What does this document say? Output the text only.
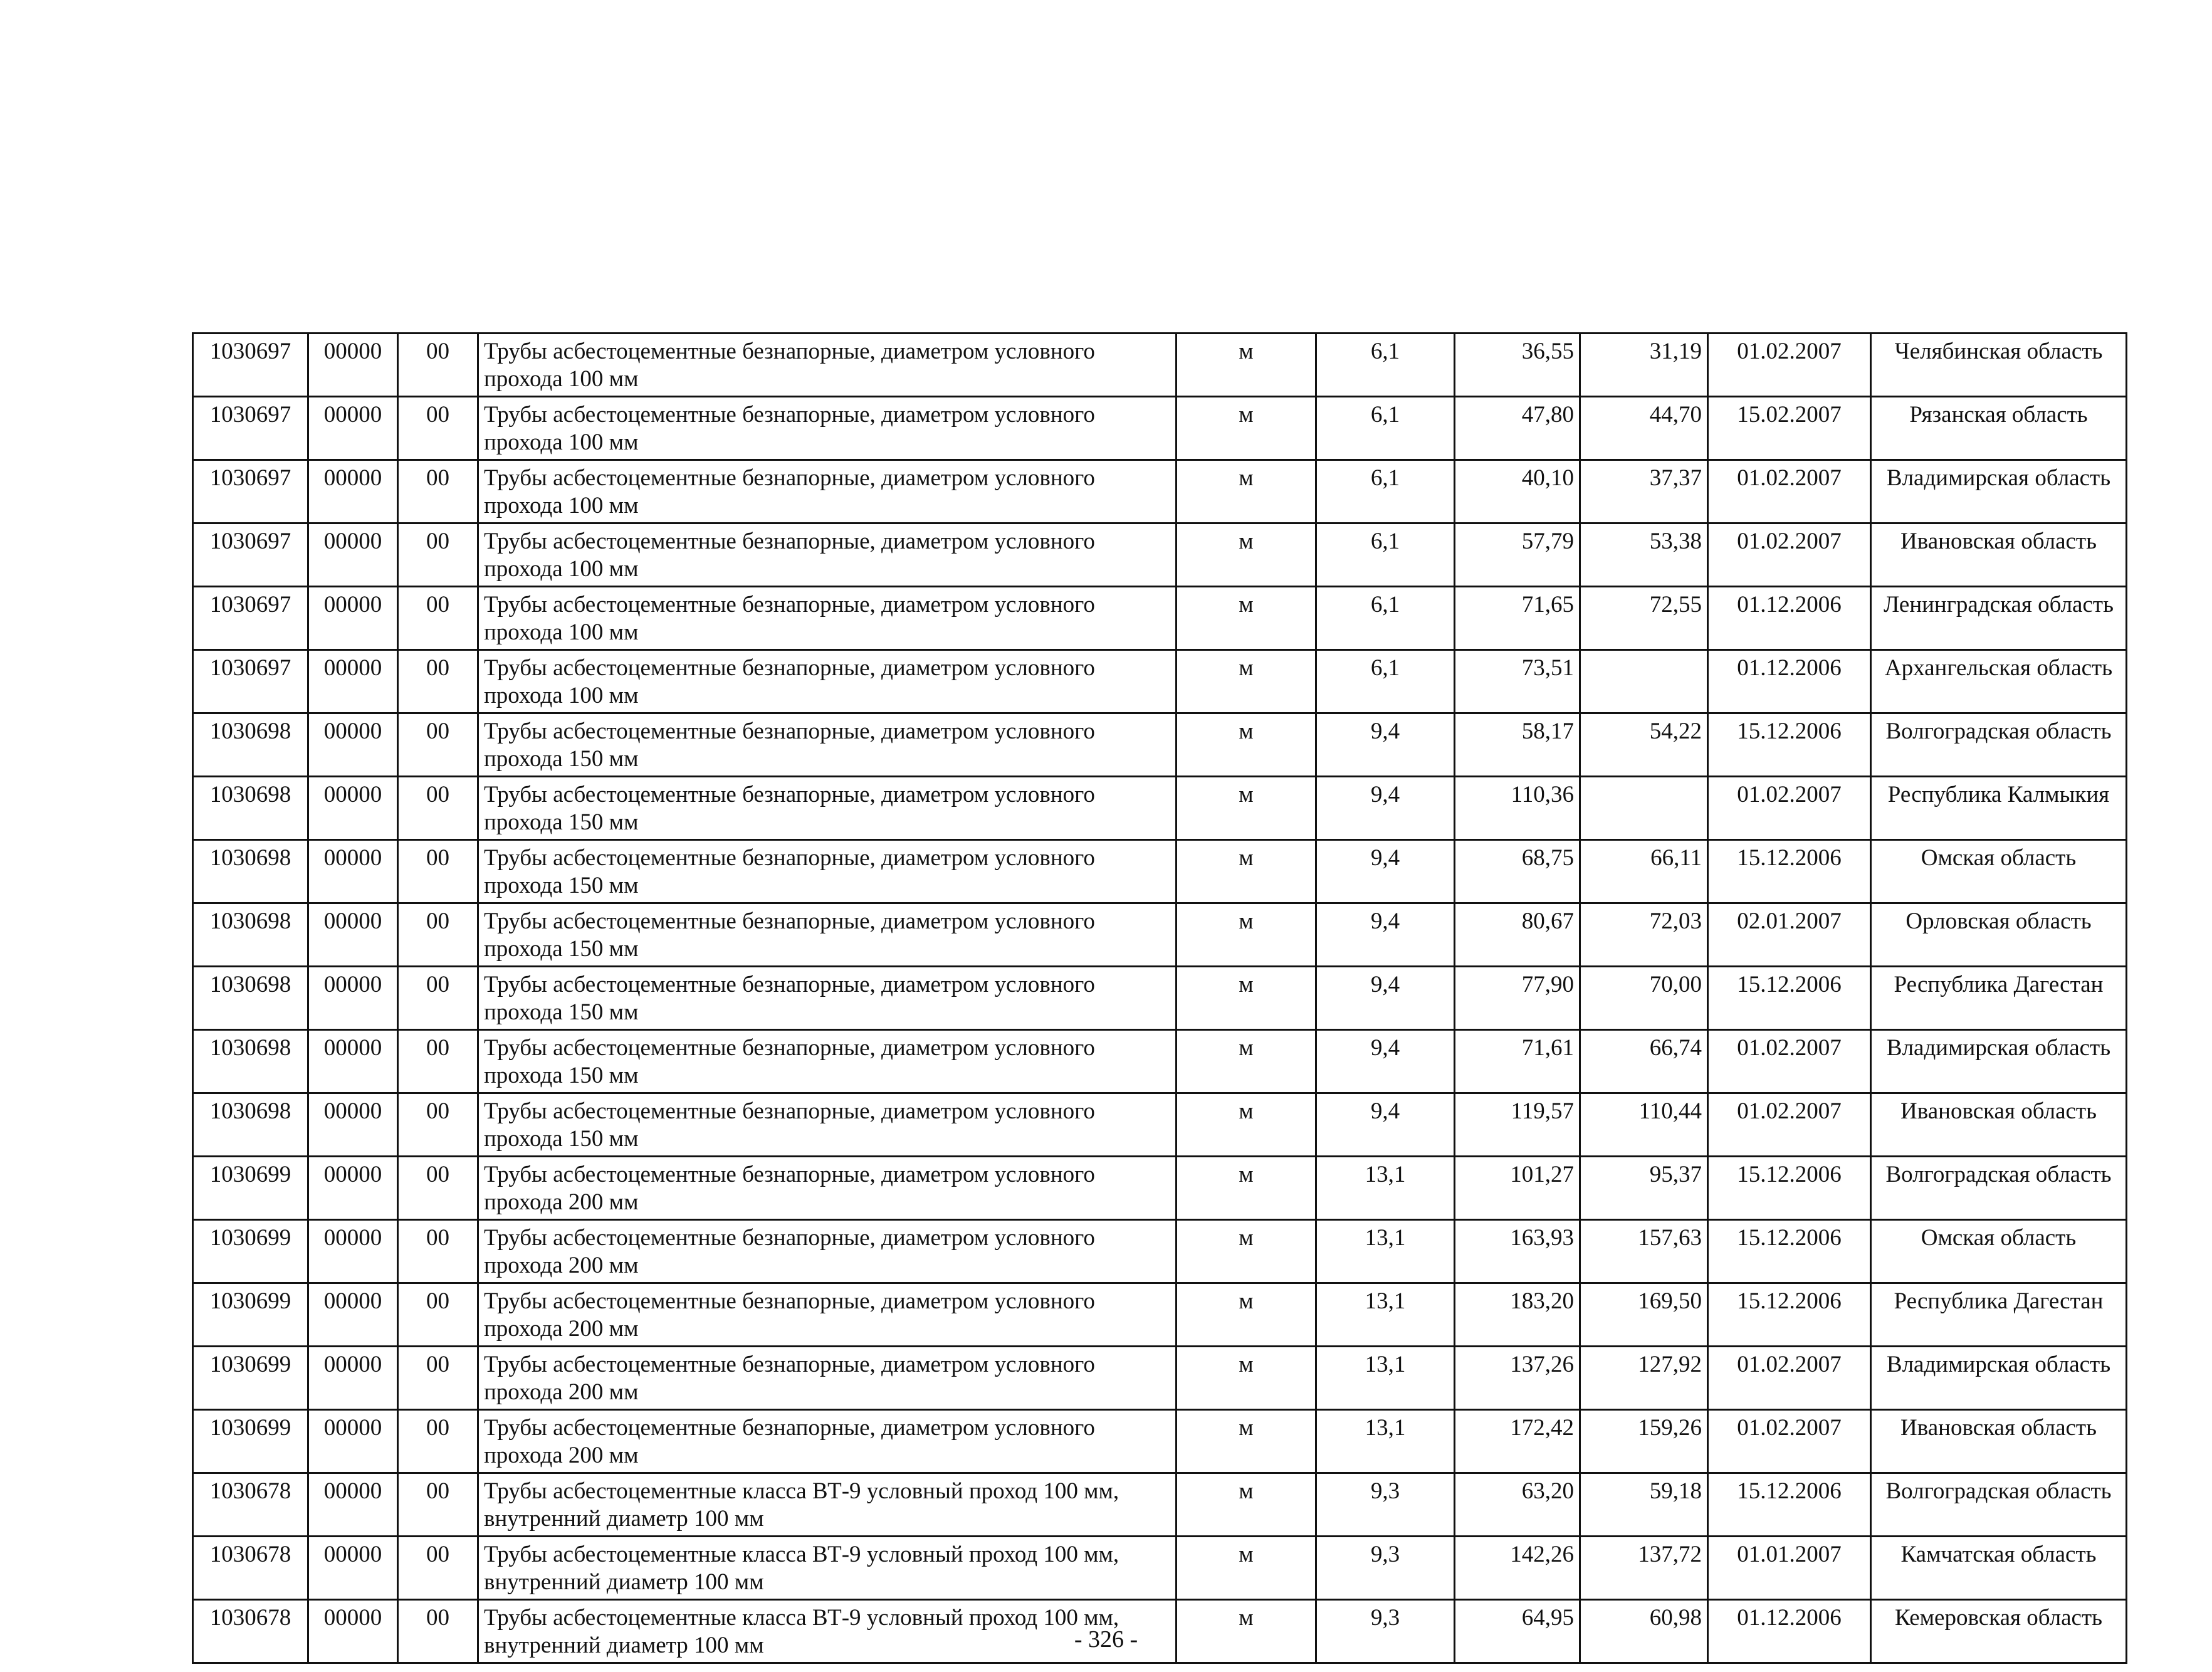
1030697	00000	00	Трубы асбестоцементные безнапорные, диаметром условного прохода 100 мм	м	6,1	36,55	31,19	01.02.2007	Челябинская область
1030697	00000	00	Трубы асбестоцементные безнапорные, диаметром условного прохода 100 мм	м	6,1	47,80	44,70	15.02.2007	Рязанская область
1030697	00000	00	Трубы асбестоцементные безнапорные, диаметром условного прохода 100 мм	м	6,1	40,10	37,37	01.02.2007	Владимирская область
1030697	00000	00	Трубы асбестоцементные безнапорные, диаметром условного прохода 100 мм	м	6,1	57,79	53,38	01.02.2007	Ивановская область
1030697	00000	00	Трубы асбестоцементные безнапорные, диаметром условного прохода 100 мм	м	6,1	71,65	72,55	01.12.2006	Ленинградская область
1030697	00000	00	Трубы асбестоцементные безнапорные, диаметром условного прохода 100 мм	м	6,1	73,51		01.12.2006	Архангельская область
1030698	00000	00	Трубы асбестоцементные безнапорные, диаметром условного прохода 150 мм	м	9,4	58,17	54,22	15.12.2006	Волгоградская область
1030698	00000	00	Трубы асбестоцементные безнапорные, диаметром условного прохода 150 мм	м	9,4	110,36		01.02.2007	Республика Калмыкия
1030698	00000	00	Трубы асбестоцементные безнапорные, диаметром условного прохода 150 мм	м	9,4	68,75	66,11	15.12.2006	Омская область
1030698	00000	00	Трубы асбестоцементные безнапорные, диаметром условного прохода 150 мм	м	9,4	80,67	72,03	02.01.2007	Орловская область
1030698	00000	00	Трубы асбестоцементные безнапорные, диаметром условного прохода 150 мм	м	9,4	77,90	70,00	15.12.2006	Республика Дагестан
1030698	00000	00	Трубы асбестоцементные безнапорные, диаметром условного прохода 150 мм	м	9,4	71,61	66,74	01.02.2007	Владимирская область
1030698	00000	00	Трубы асбестоцементные безнапорные, диаметром условного прохода 150 мм	м	9,4	119,57	110,44	01.02.2007	Ивановская область
1030699	00000	00	Трубы асбестоцементные безнапорные, диаметром условного прохода 200 мм	м	13,1	101,27	95,37	15.12.2006	Волгоградская область
1030699	00000	00	Трубы асбестоцементные безнапорные, диаметром условного прохода 200 мм	м	13,1	163,93	157,63	15.12.2006	Омская область
1030699	00000	00	Трубы асбестоцементные безнапорные, диаметром условного прохода 200 мм	м	13,1	183,20	169,50	15.12.2006	Республика Дагестан
1030699	00000	00	Трубы асбестоцементные безнапорные, диаметром условного прохода 200 мм	м	13,1	137,26	127,92	01.02.2007	Владимирская область
1030699	00000	00	Трубы асбестоцементные безнапорные, диаметром условного прохода 200 мм	м	13,1	172,42	159,26	01.02.2007	Ивановская область
1030678	00000	00	Трубы асбестоцементные класса ВТ-9 условный проход 100 мм, внутренний диаметр 100 мм	м	9,3	63,20	59,18	15.12.2006	Волгоградская область
1030678	00000	00	Трубы асбестоцементные класса ВТ-9 условный проход 100 мм, внутренний диаметр 100 мм	м	9,3	142,26	137,72	01.01.2007	Камчатская область
1030678	00000	00	Трубы асбестоцементные класса ВТ-9 условный проход 100 мм, внутренний диаметр 100 мм	м	9,3	64,95	60,98	01.12.2006	Кемеровская область
- 326 -
